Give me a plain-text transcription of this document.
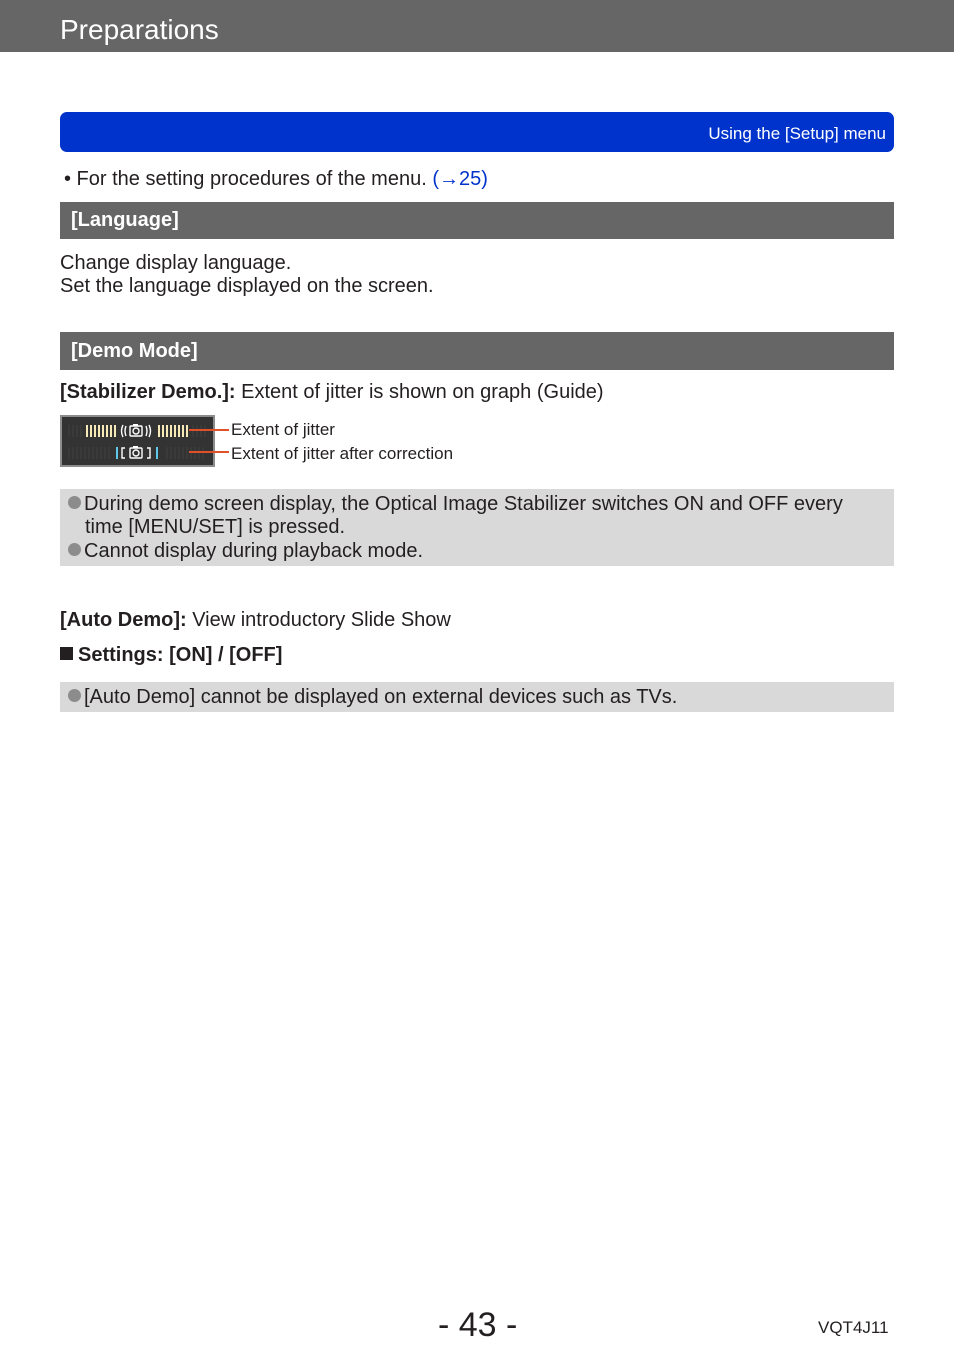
Preparations
Using the [Setup] menu
• For the setting procedures of the menu. (→25)
[Language]
Change display language.
Set the language displayed on the screen.
[Demo Mode]
[Stabilizer Demo.]: Extent of jitter is shown on graph (Guide)
Extent of jitter
Extent of jitter after correction
During demo screen display, the Optical Image Stabilizer switches ON and OFF every
time [MENU/SET] is pressed.
Cannot display during playback mode.
[Auto Demo]: View introductory Slide Show
Settings: [ON] / [OFF]
[Auto Demo] cannot be displayed on external devices such as TVs.
- 43 -	VQT4J11
